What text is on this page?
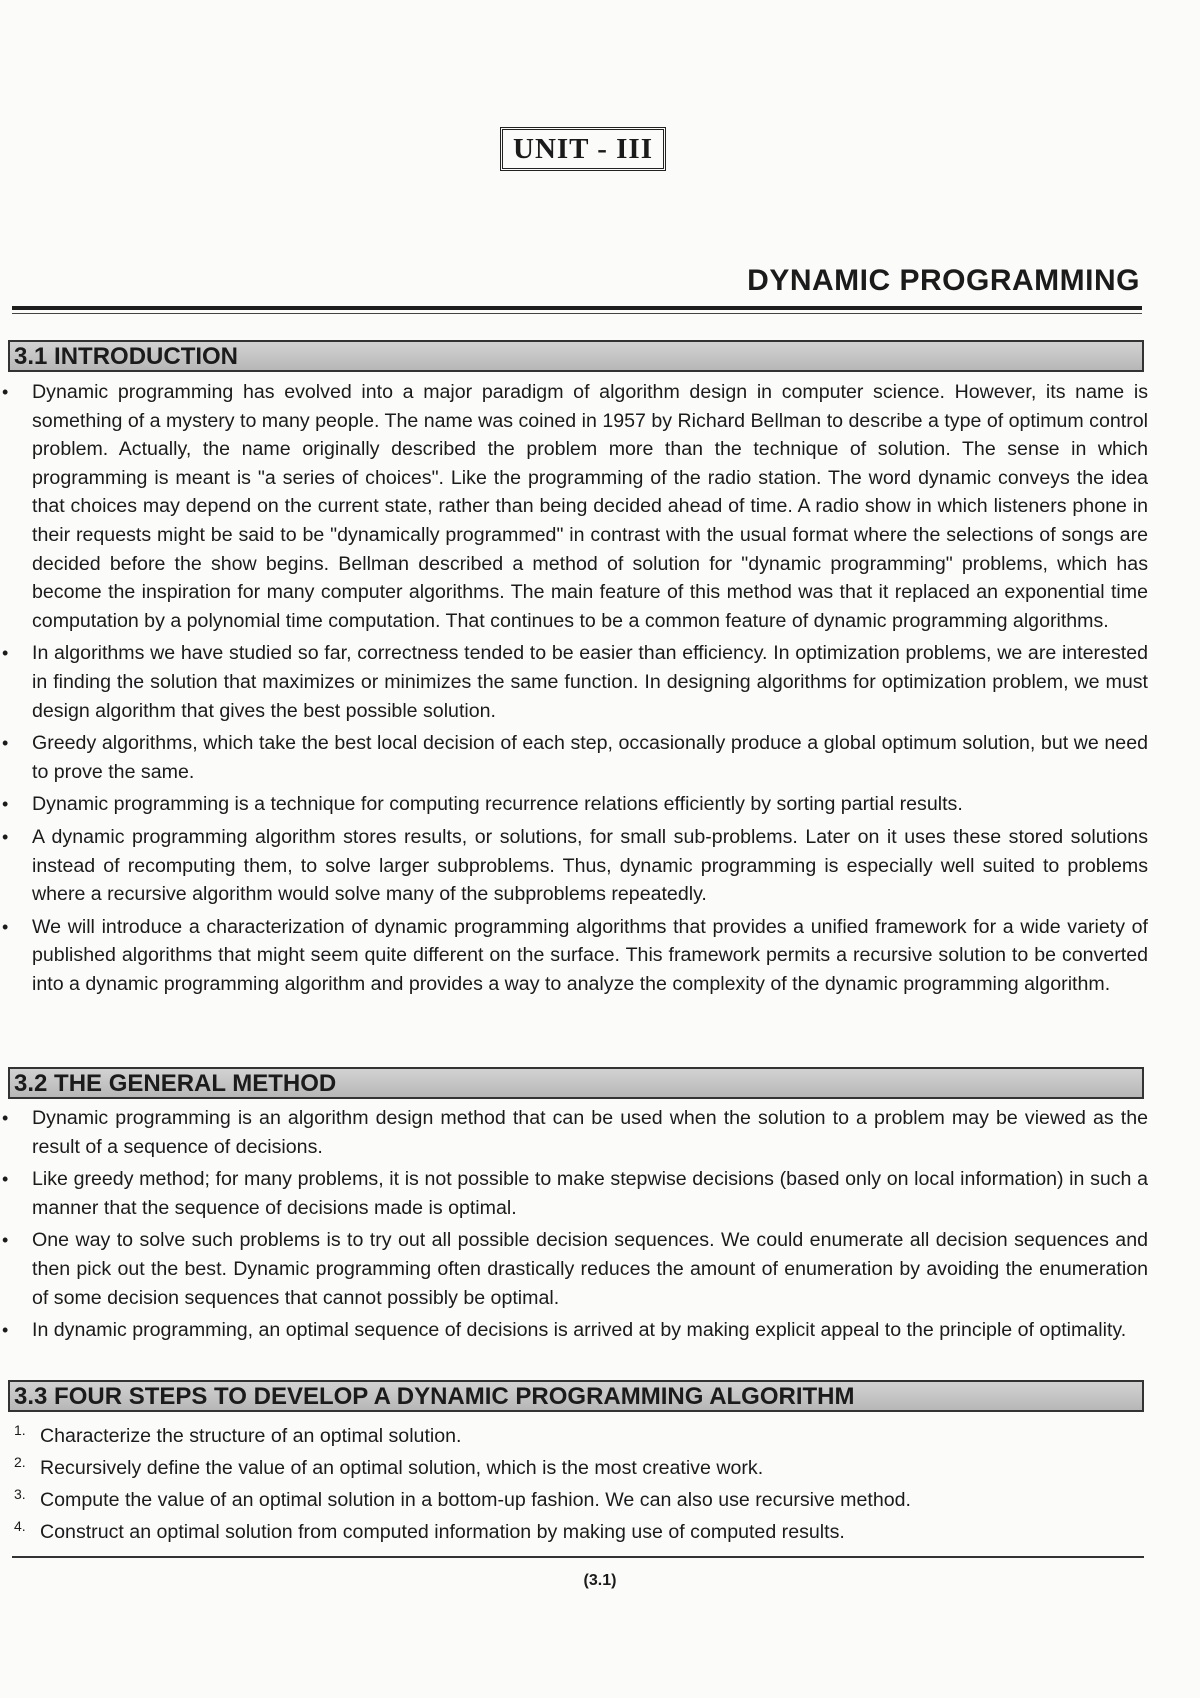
UNIT - III
DYNAMIC PROGRAMMING
3.1 INTRODUCTION
• Dynamic programming has evolved into a major paradigm of algorithm design in computer science. However, its name is something of a mystery to many people. The name was coined in 1957 by Richard Bellman to describe a type of optimum control problem. Actually, the name originally described the problem more than the technique of solution. The sense in which programming is meant is "a series of choices". Like the programming of the radio station. The word dynamic conveys the idea that choices may depend on the current state, rather than being decided ahead of time. A radio show in which listeners phone in their requests might be said to be "dynamically programmed" in contrast with the usual format where the selections of songs are decided before the show begins. Bellman described a method of solution for "dynamic programming" problems, which has become the inspiration for many computer algorithms. The main feature of this method was that it replaced an exponential time computation by a polynomial time computation. That continues to be a common feature of dynamic programming algorithms.
• In algorithms we have studied so far, correctness tended to be easier than efficiency. In optimization problems, we are interested in finding the solution that maximizes or minimizes the same function. In designing algorithms for optimization problem, we must design algorithm that gives the best possible solution.
• Greedy algorithms, which take the best local decision of each step, occasionally produce a global optimum solution, but we need to prove the same.
• Dynamic programming is a technique for computing recurrence relations efficiently by sorting partial results.
• A dynamic programming algorithm stores results, or solutions, for small sub-problems. Later on it uses these stored solutions instead of recomputing them, to solve larger subproblems. Thus, dynamic programming is especially well suited to problems where a recursive algorithm would solve many of the subproblems repeatedly.
• We will introduce a characterization of dynamic programming algorithms that provides a unified framework for a wide variety of published algorithms that might seem quite different on the surface. This framework permits a recursive solution to be converted into a dynamic programming algorithm and provides a way to analyze the complexity of the dynamic programming algorithm.
3.2 THE GENERAL METHOD
• Dynamic programming is an algorithm design method that can be used when the solution to a problem may be viewed as the result of a sequence of decisions.
• Like greedy method; for many problems, it is not possible to make stepwise decisions (based only on local information) in such a manner that the sequence of decisions made is optimal.
• One way to solve such problems is to try out all possible decision sequences. We could enumerate all decision sequences and then pick out the best. Dynamic programming often drastically reduces the amount of enumeration by avoiding the enumeration of some decision sequences that cannot possibly be optimal.
• In dynamic programming, an optimal sequence of decisions is arrived at by making explicit appeal to the principle of optimality.
3.3 FOUR STEPS TO DEVELOP A DYNAMIC PROGRAMMING ALGORITHM
1. Characterize the structure of an optimal solution.
2. Recursively define the value of an optimal solution, which is the most creative work.
3. Compute the value of an optimal solution in a bottom-up fashion. We can also use recursive method.
4. Construct an optimal solution from computed information by making use of computed results.
(3.1)
